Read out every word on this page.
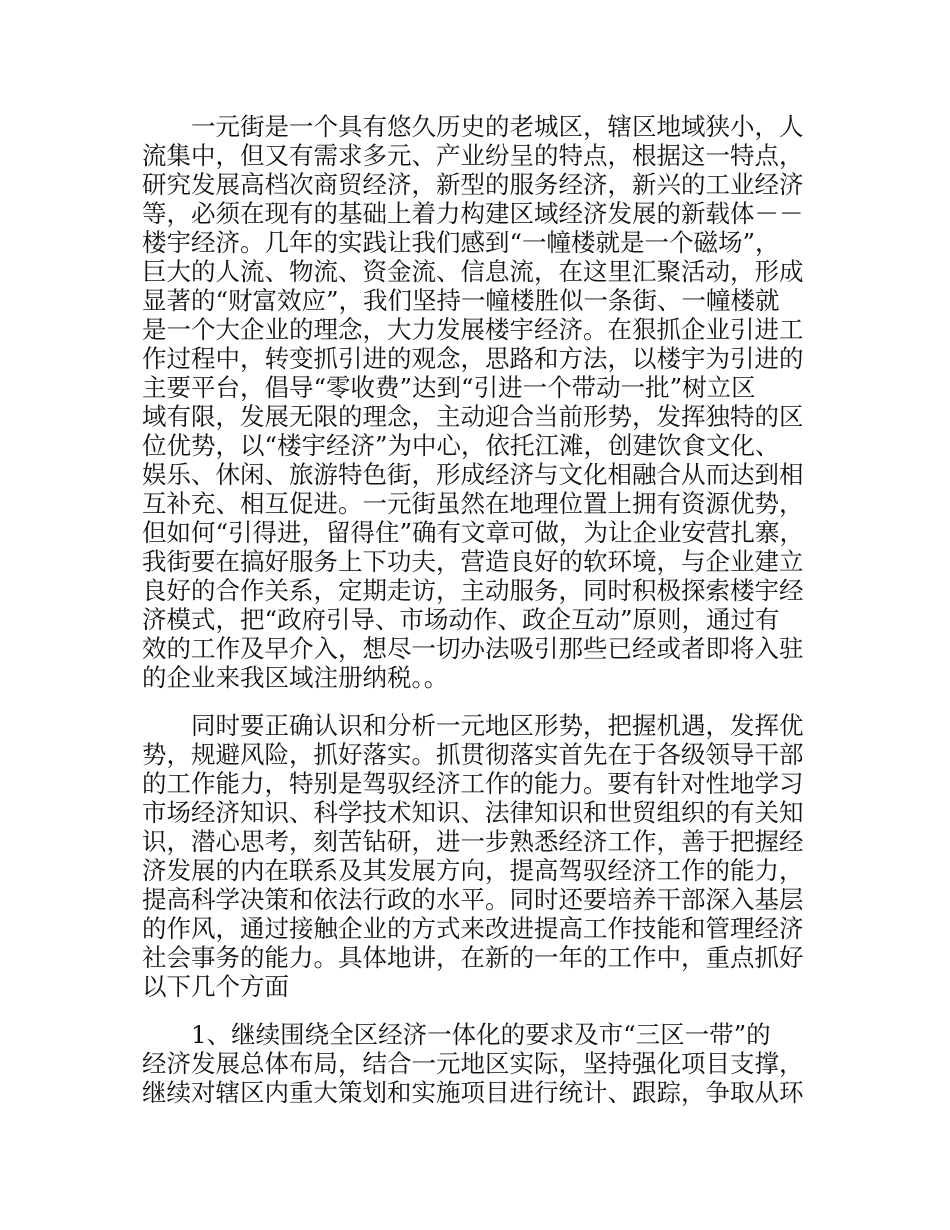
一元街是一个具有悠久历史的老城区，辖区地域狭小，人

流集中，但又有需求多元、产业纷呈的特点，根据这一特点，

研究发展高档次商贸经济，新型的服务经济，新兴的工业经济

等，必须在现有的基础上着力构建区域经济发展的新载体－－

楼宇经济。几年的实践让我们感到“一幢楼就是一个磁场”，

巨大的人流、物流、资金流、信息流，在这里汇聚活动，形成

显著的“财富效应”，我们坚持一幢楼胜似一条街、一幢楼就

是一个大企业的理念，大力发展楼宇经济。在狠抓企业引进工

作过程中，转变抓引进的观念，思路和方法，以楼宇为引进的

主要平台，倡导“零收费”达到“引进一个带动一批”树立区

域有限，发展无限的理念，主动迎合当前形势，发挥独特的区

位优势，以“楼宇经济”为中心，依托江滩，创建饮食文化、

娱乐、休闲、旅游特色街，形成经济与文化相融合从而达到相

互补充、相互促进。一元街虽然在地理位置上拥有资源优势，

但如何“引得进，留得住”确有文章可做，为让企业安营扎寨，

我街要在搞好服务上下功夫，营造良好的软环境，与企业建立

良好的合作关系，定期走访，主动服务，同时积极探索楼宇经

济模式，把“政府引导、市场动作、政企互动”原则，通过有

效的工作及早介入，想尽一切办法吸引那些已经或者即将入驻

的企业来我区域注册纳税。。

同时要正确认识和分析一元地区形势，把握机遇，发挥优

势，规避风险，抓好落实。抓贯彻落实首先在于各级领导干部

的工作能力，特别是驾驭经济工作的能力。要有针对性地学习

市场经济知识、科学技术知识、法律知识和世贸组织的有关知

识，潜心思考，刻苦钻研，进一步熟悉经济工作，善于把握经

济发展的内在联系及其发展方向，提高驾驭经济工作的能力，

提高科学决策和依法行政的水平。同时还要培养干部深入基层

的作风，通过接触企业的方式来改进提高工作技能和管理经济

社会事务的能力。具体地讲，在新的一年的工作中，重点抓好

以下几个方面

1、继续围绕全区经济一体化的要求及市“三区一带”的

经济发展总体布局，结合一元地区实际，坚持强化项目支撑，

继续对辖区内重大策划和实施项目进行统计、跟踪，争取从环
